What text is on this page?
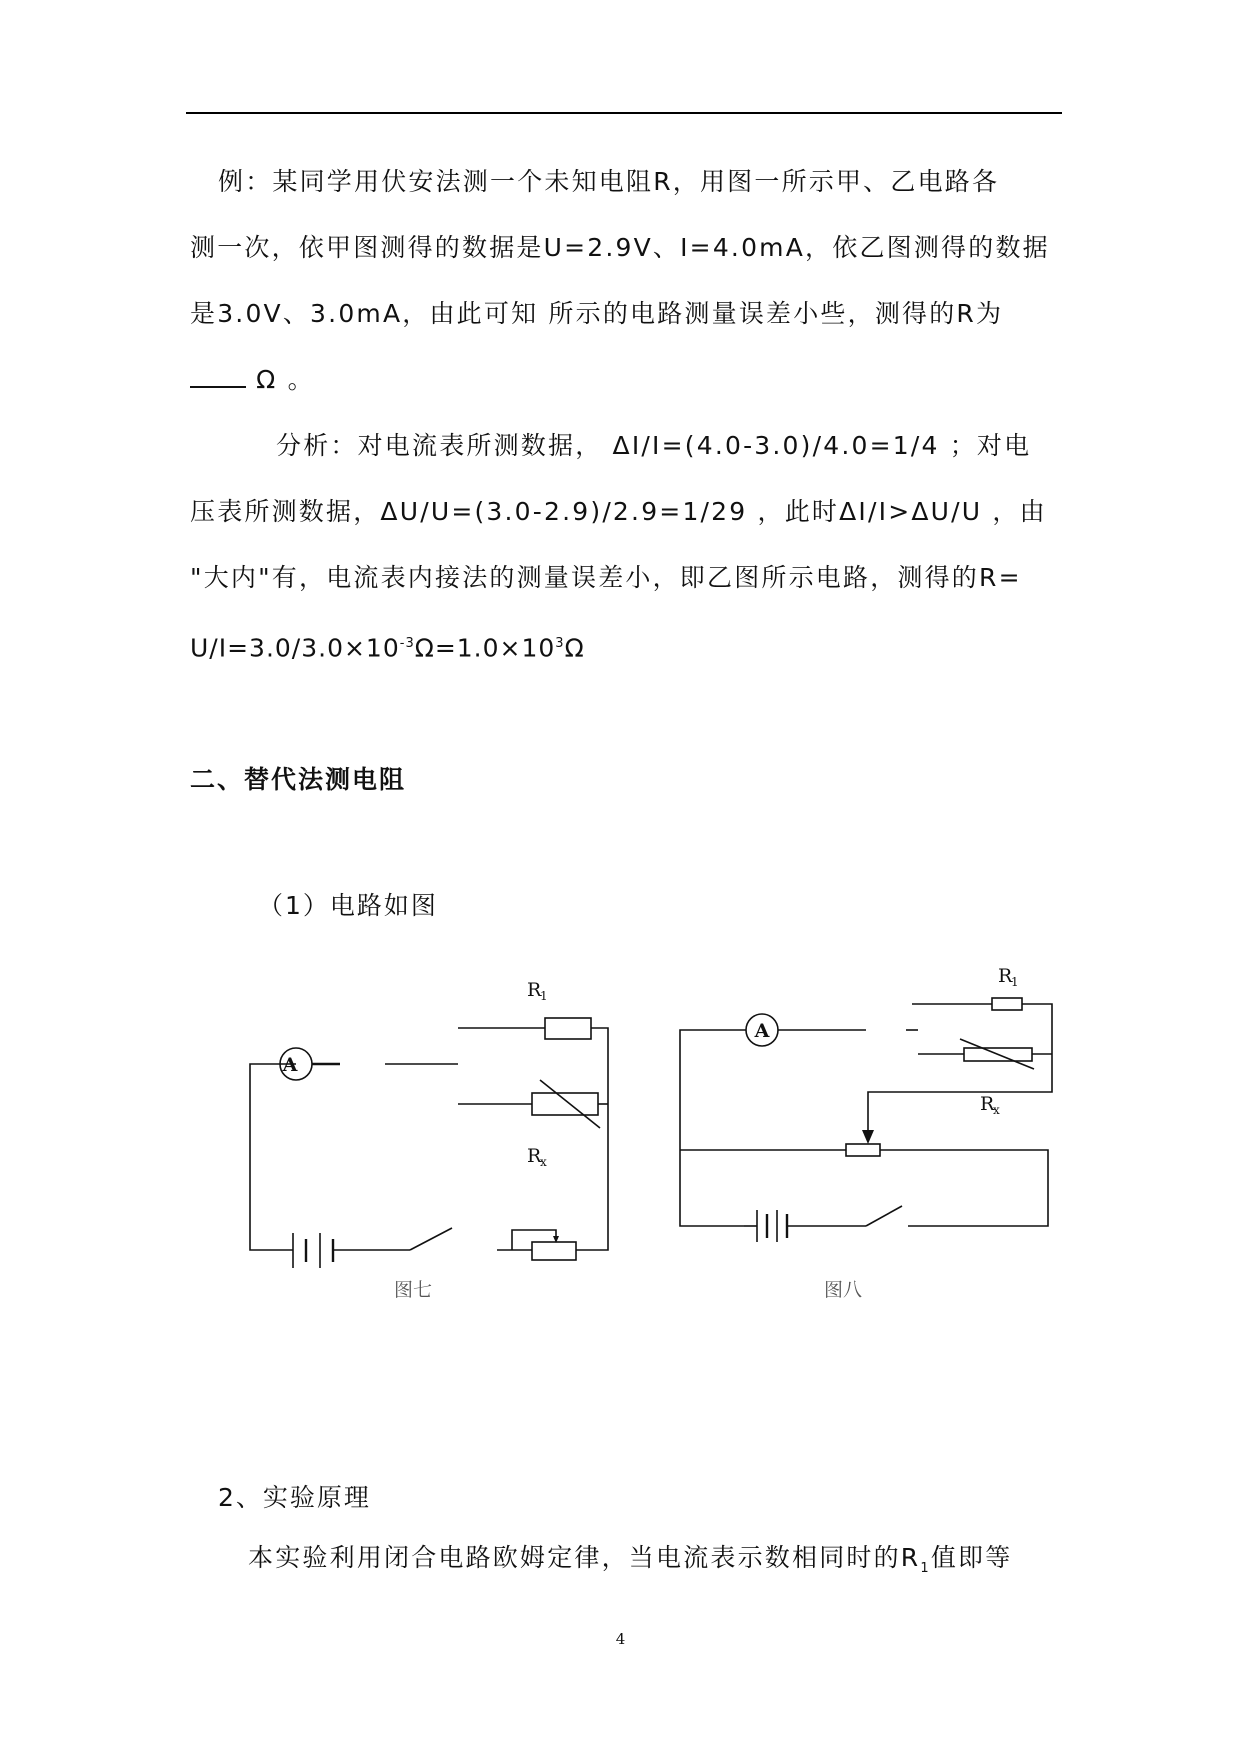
例：某同学用伏安法测一个未知电阻R，用图一所示甲、乙电路各
测一次，依甲图测得的数据是U=2.9V、I=4.0mA，依乙图测得的数据
是3.0V、3.0mA，由此可知 所示的电路测量误差小些，测得的R为
Ω 。
分析：对电流表所测数据， ΔI/I=(4.0-3.0)/4.0=1/4 ；对电
压表所测数据，ΔU/U=(3.0-2.9)/2.9=1/29 ，此时ΔI/I>ΔU/U ，由
"大内"有，电流表内接法的测量误差小，即乙图所示电路，测得的R=
$U/I=3.0/3.0\times 10^{-3}\Omega=1.0\times 10^3\Omega$
二、替代法测电阻
（1）电路如图
A
R
1
R
x
图七
A
R
1
R
x
图八
2、实验原理
本实验利用闭合电路欧姆定律，当电流表示数相同时的$R_1$值即等
4
